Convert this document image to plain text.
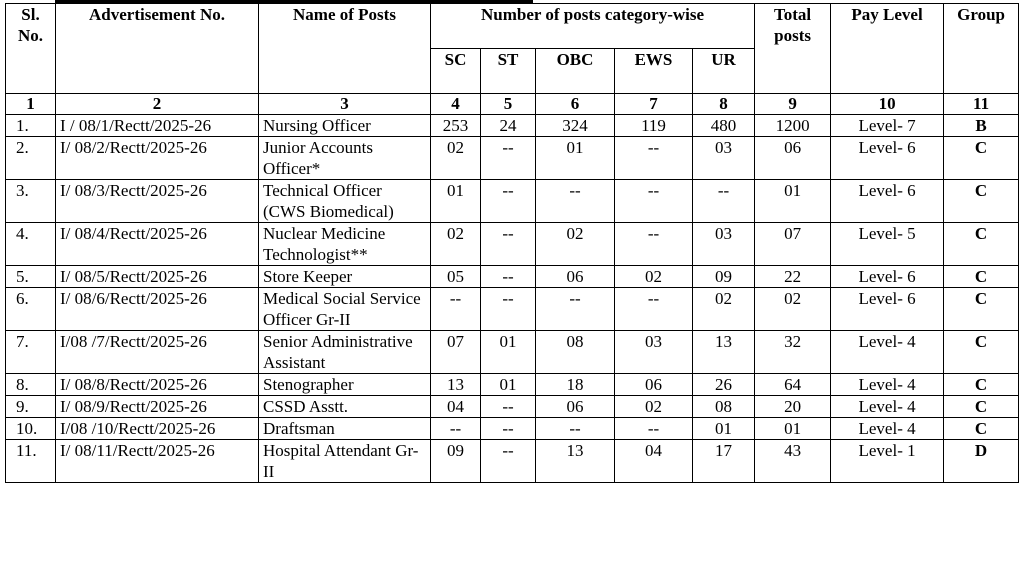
Sl. No.	Advertisement No.	Name of Posts	Number of posts category-wise					Total posts	Pay Level	Group
			SC	ST	OBC	EWS	UR			
1	2	3	4	5	6	7	8	9	10	11
1.	I / 08/1/Rectt/2025-26	Nursing Officer	253	24	324	119	480	1200	Level- 7	B
2.	I/ 08/2/Rectt/2025-26	Junior Accounts Officer*	02	--	01	--	03	06	Level- 6	C
3.	I/ 08/3/Rectt/2025-26	Technical Officer (CWS Biomedical)	01	--	--	--	--	01	Level- 6	C
4.	I/ 08/4/Rectt/2025-26	Nuclear Medicine Technologist**	02	--	02	--	03	07	Level- 5	C
5.	I/ 08/5/Rectt/2025-26	Store Keeper	05	--	06	02	09	22	Level- 6	C
6.	I/ 08/6/Rectt/2025-26	Medical Social Service Officer Gr-II	--	--	--	--	02	02	Level- 6	C
7.	I/08 /7/Rectt/2025-26	Senior Administrative Assistant	07	01	08	03	13	32	Level- 4	C
8.	I/ 08/8/Rectt/2025-26	Stenographer	13	01	18	06	26	64	Level- 4	C
9.	I/ 08/9/Rectt/2025-26	CSSD Asstt.	04	--	06	02	08	20	Level- 4	C
10.	I/08 /10/Rectt/2025-26	Draftsman	--	--	--	--	01	01	Level- 4	C
11.	I/ 08/11/Rectt/2025-26	Hospital Attendant Gr-II	09	--	13	04	17	43	Level- 1	D
